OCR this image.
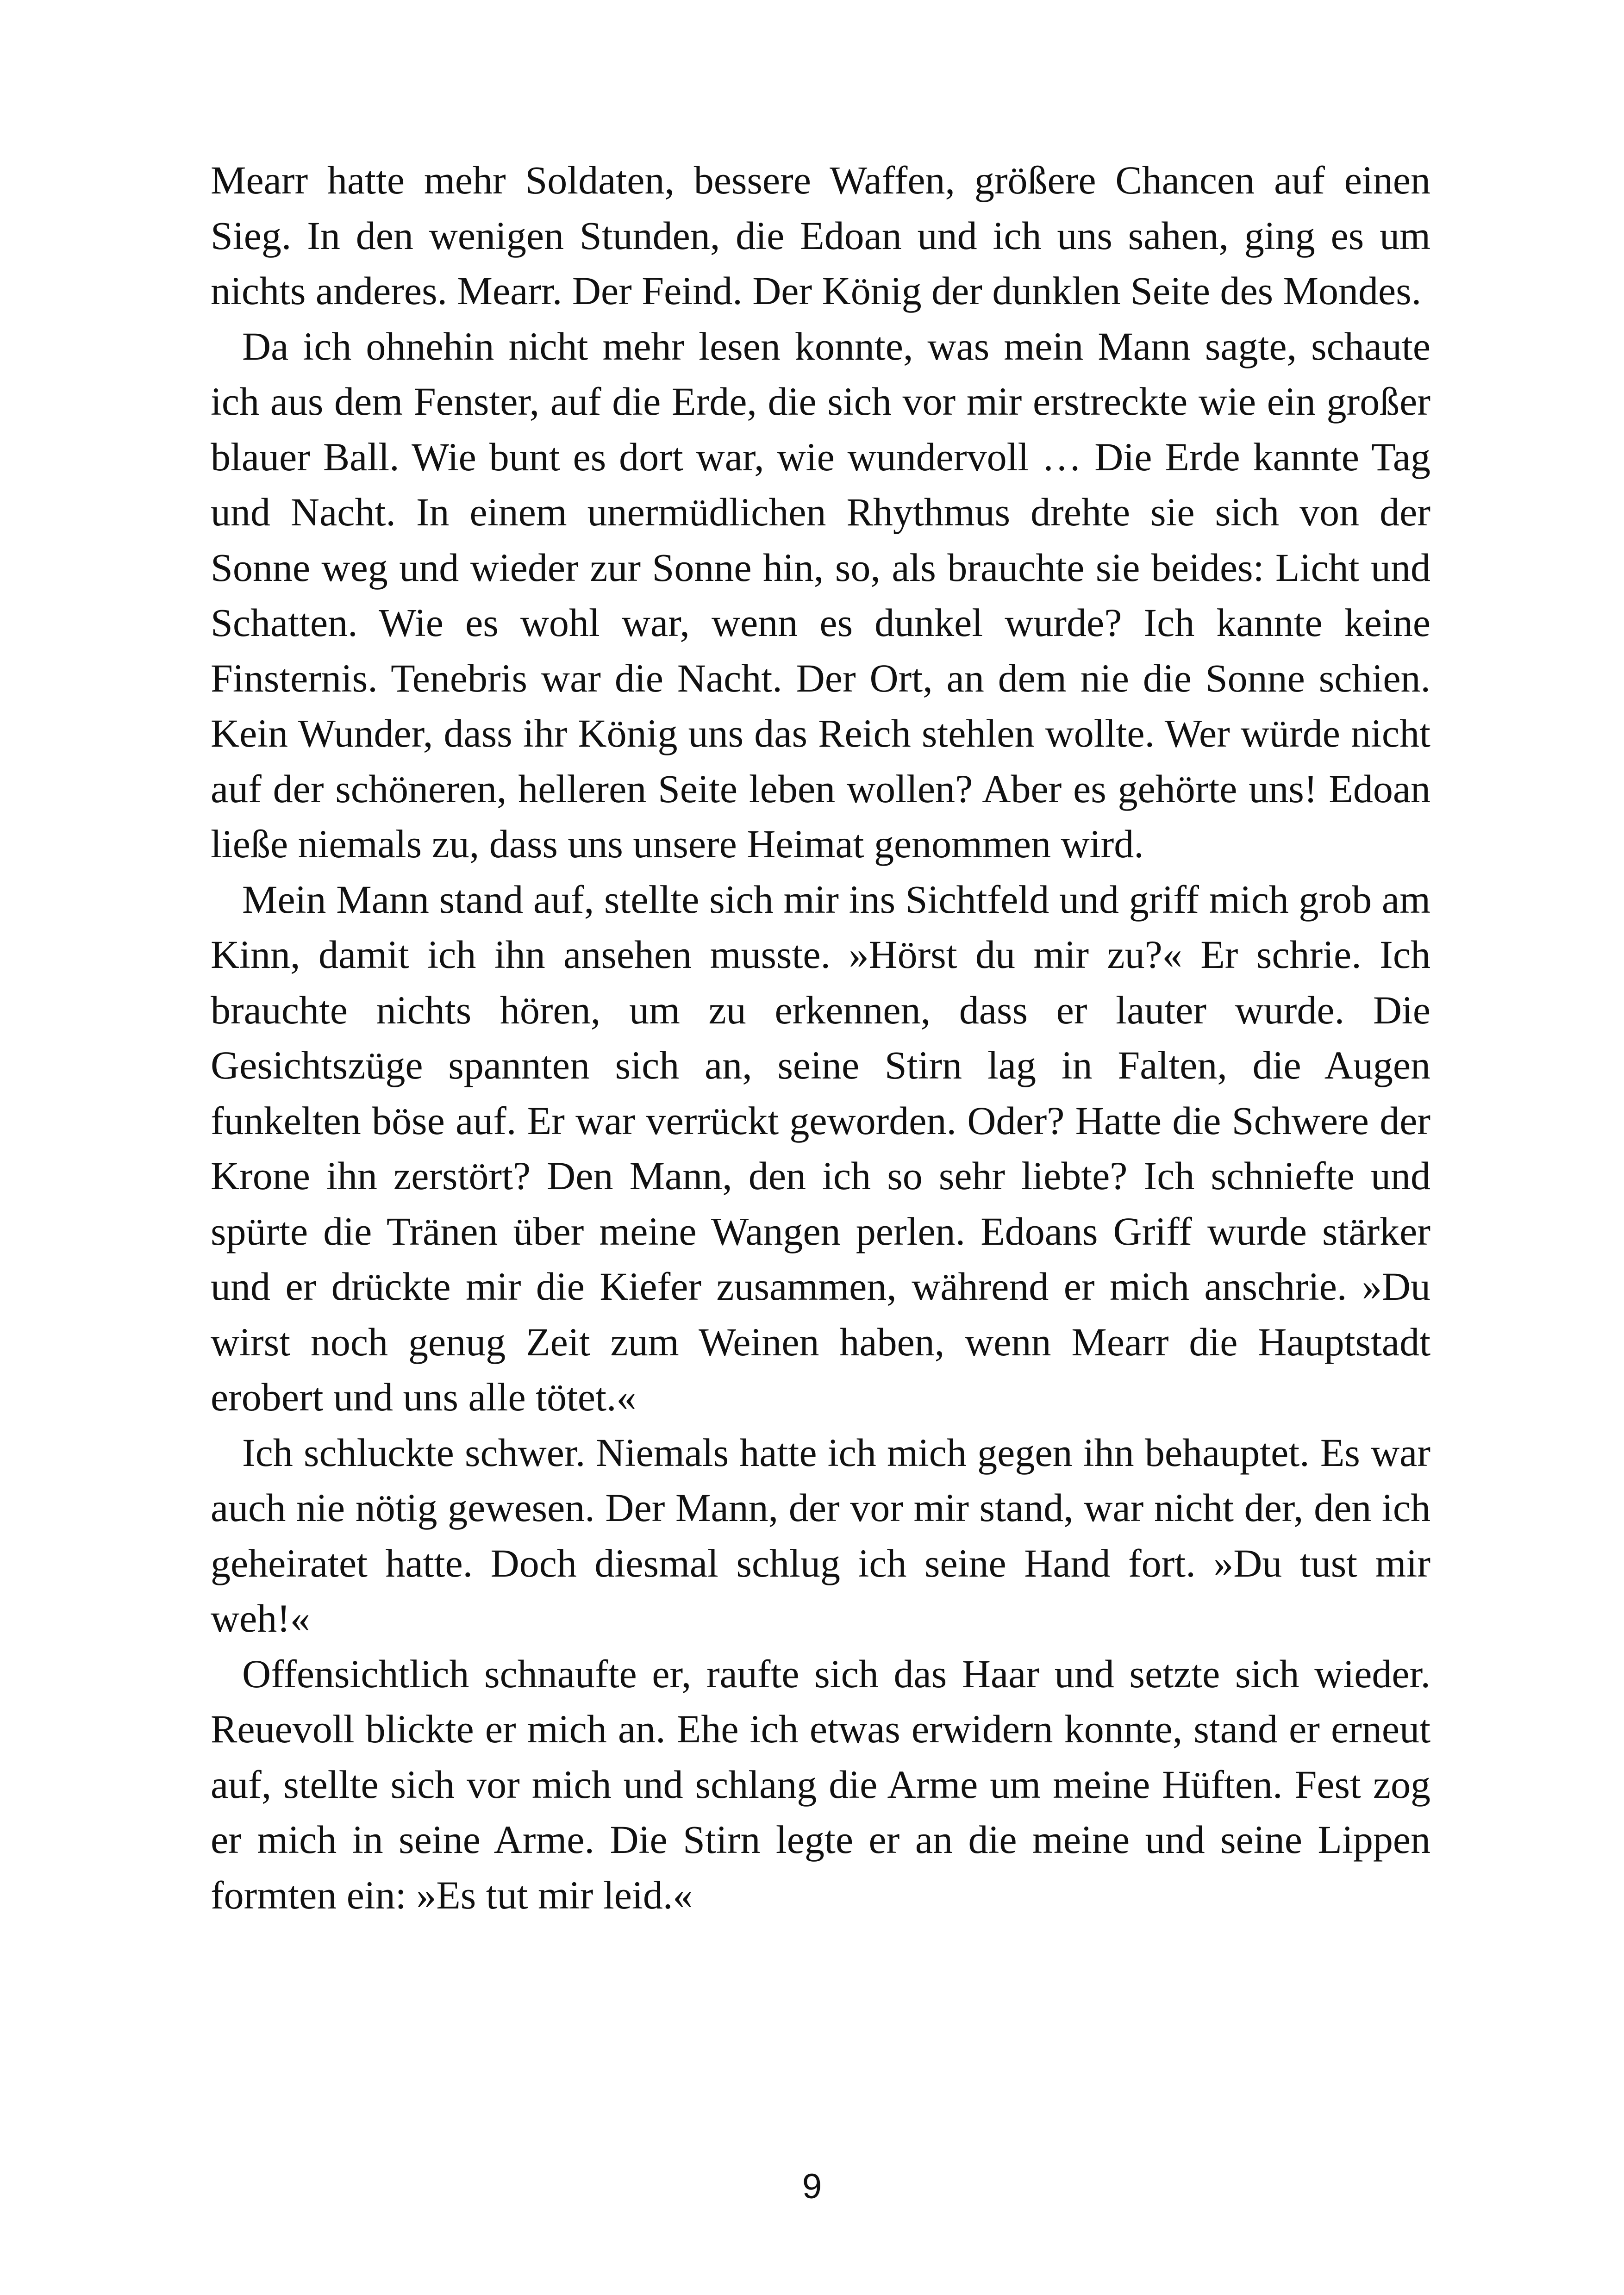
Mearr hatte mehr Soldaten, bessere Waffen, größere Chancen auf einen Sieg. In den wenigen Stunden, die Edoan und ich uns sahen, ging es um nichts anderes. Mearr. Der Feind. Der König der dunklen Seite des Mondes.

Da ich ohnehin nicht mehr lesen konnte, was mein Mann sagte, schaute ich aus dem Fenster, auf die Erde, die sich vor mir erstreckte wie ein großer blauer Ball. Wie bunt es dort war, wie wundervoll … Die Erde kannte Tag und Nacht. In einem unermüdlichen Rhythmus drehte sie sich von der Sonne weg und wieder zur Sonne hin, so, als brauchte sie beides: Licht und Schatten. Wie es wohl war, wenn es dunkel wurde? Ich kannte keine Finsternis. Tenebris war die Nacht. Der Ort, an dem nie die Sonne schien. Kein Wunder, dass ihr König uns das Reich stehlen wollte. Wer würde nicht auf der schöneren, helleren Seite leben wollen? Aber es gehörte uns! Edoan ließe niemals zu, dass uns unsere Heimat genommen wird.

Mein Mann stand auf, stellte sich mir ins Sichtfeld und griff mich grob am Kinn, damit ich ihn ansehen musste. »Hörst du mir zu?« Er schrie. Ich brauchte nichts hören, um zu erkennen, dass er lauter wurde. Die Gesichtszüge spannten sich an, seine Stirn lag in Falten, die Augen funkelten böse auf. Er war verrückt geworden. Oder? Hatte die Schwere der Krone ihn zerstört? Den Mann, den ich so sehr liebte? Ich schniefte und spürte die Tränen über meine Wangen perlen. Edoans Griff wurde stärker und er drückte mir die Kiefer zusammen, während er mich anschrie. »Du wirst noch genug Zeit zum Weinen haben, wenn Mearr die Hauptstadt erobert und uns alle tötet.«

Ich schluckte schwer. Niemals hatte ich mich gegen ihn behauptet. Es war auch nie nötig gewesen. Der Mann, der vor mir stand, war nicht der, den ich geheiratet hatte. Doch diesmal schlug ich seine Hand fort. »Du tust mir weh!«

Offensichtlich schnaufte er, raufte sich das Haar und setzte sich wieder. Reuevoll blickte er mich an. Ehe ich etwas erwidern konnte, stand er erneut auf, stellte sich vor mich und schlang die Arme um meine Hüften. Fest zog er mich in seine Arme. Die Stirn legte er an die meine und seine Lippen formten ein: »Es tut mir leid.«

9
